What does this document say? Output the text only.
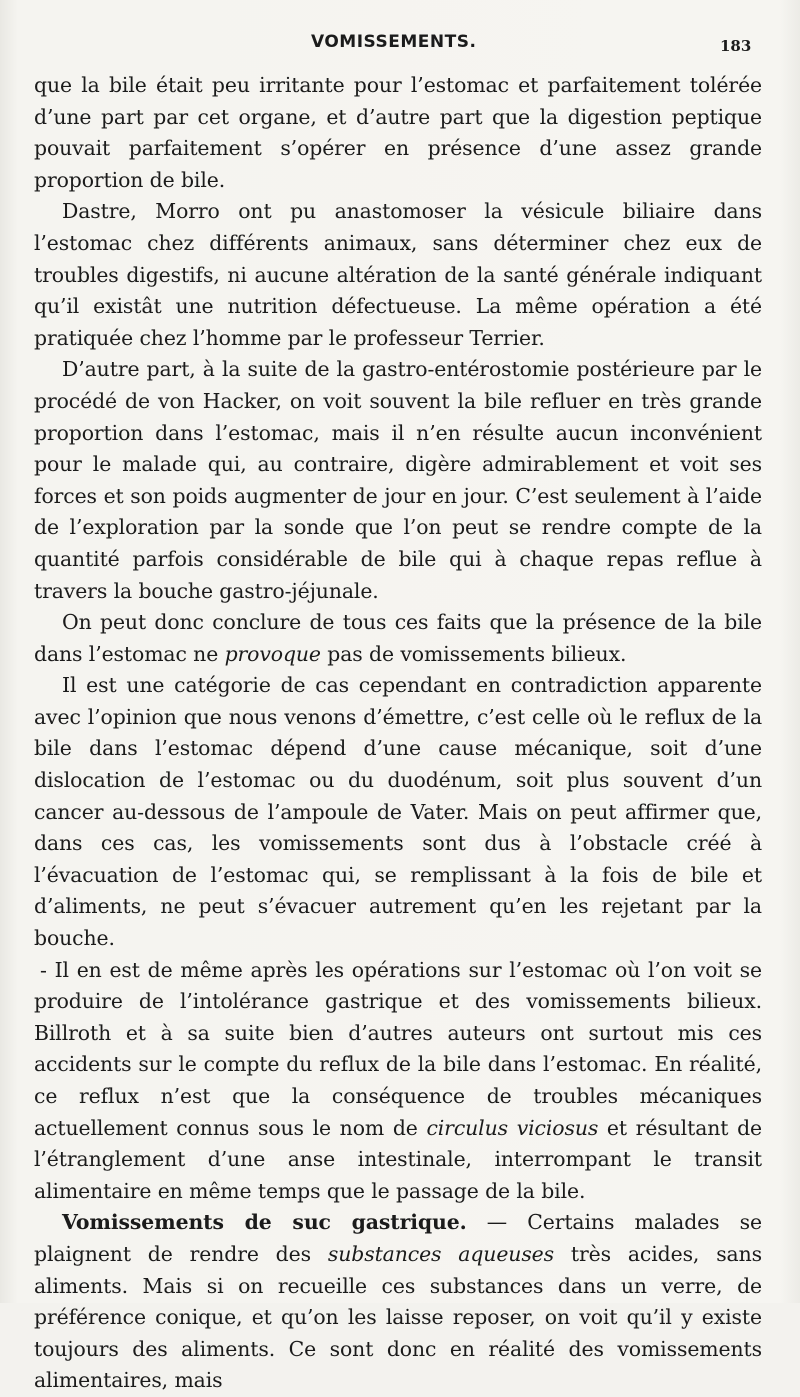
VOMISSEMENTS.	183

que la bile était peu irritante pour l’estomac et parfaitement tolérée d’une part par cet organe, et d’autre part que la digestion peptique pouvait parfaitement s’opérer en présence d’une assez grande proportion de bile.

Dastre, Morro ont pu anastomoser la vésicule biliaire dans l’estomac chez différents animaux, sans déterminer chez eux de troubles digestifs, ni aucune altération de la santé générale indiquant qu’il existât une nutrition défectueuse. La même opération a été pratiquée chez l’homme par le professeur Terrier.

D’autre part, à la suite de la gastro-entérostomie postérieure par le procédé de von Hacker, on voit souvent la bile refluer en très grande proportion dans l’estomac, mais il n’en résulte aucun inconvénient pour le malade qui, au contraire, digère admirablement et voit ses forces et son poids augmenter de jour en jour. C’est seulement à l’aide de l’exploration par la sonde que l’on peut se rendre compte de la quantité parfois considérable de bile qui à chaque repas reflue à travers la bouche gastro-jéjunale.

On peut donc conclure de tous ces faits que la présence de la bile dans l’estomac ne provoque pas de vomissements bilieux.

Il est une catégorie de cas cependant en contradiction apparente avec l’opinion que nous venons d’émettre, c’est celle où le reflux de la bile dans l’estomac dépend d’une cause mécanique, soit d’une dislocation de l’estomac ou du duodénum, soit plus souvent d’un cancer au-dessous de l’ampoule de Vater. Mais on peut affirmer que, dans ces cas, les vomissements sont dus à l’obstacle créé à l’évacuation de l’estomac qui, se remplissant à la fois de bile et d’aliments, ne peut s’évacuer autrement qu’en les rejetant par la bouche.

- Il en est de même après les opérations sur l’estomac où l’on voit se produire de l’intolérance gastrique et des vomissements bilieux. Billroth et à sa suite bien d’autres auteurs ont surtout mis ces accidents sur le compte du reflux de la bile dans l’estomac. En réalité, ce reflux n’est que la conséquence de troubles mécaniques actuellement connus sous le nom de circulus viciosus et résultant de l’étranglement d’une anse intestinale, interrompant le transit alimentaire en même temps que le passage de la bile.

Vomissements de suc gastrique. — Certains malades se plaignent de rendre des substances aqueuses très acides, sans aliments. Mais si on recueille ces substances dans un verre, de préférence conique, et qu’on les laisse reposer, on voit qu’il y existe toujours des aliments. Ce sont donc en réalité des vomissements alimentaires, mais
